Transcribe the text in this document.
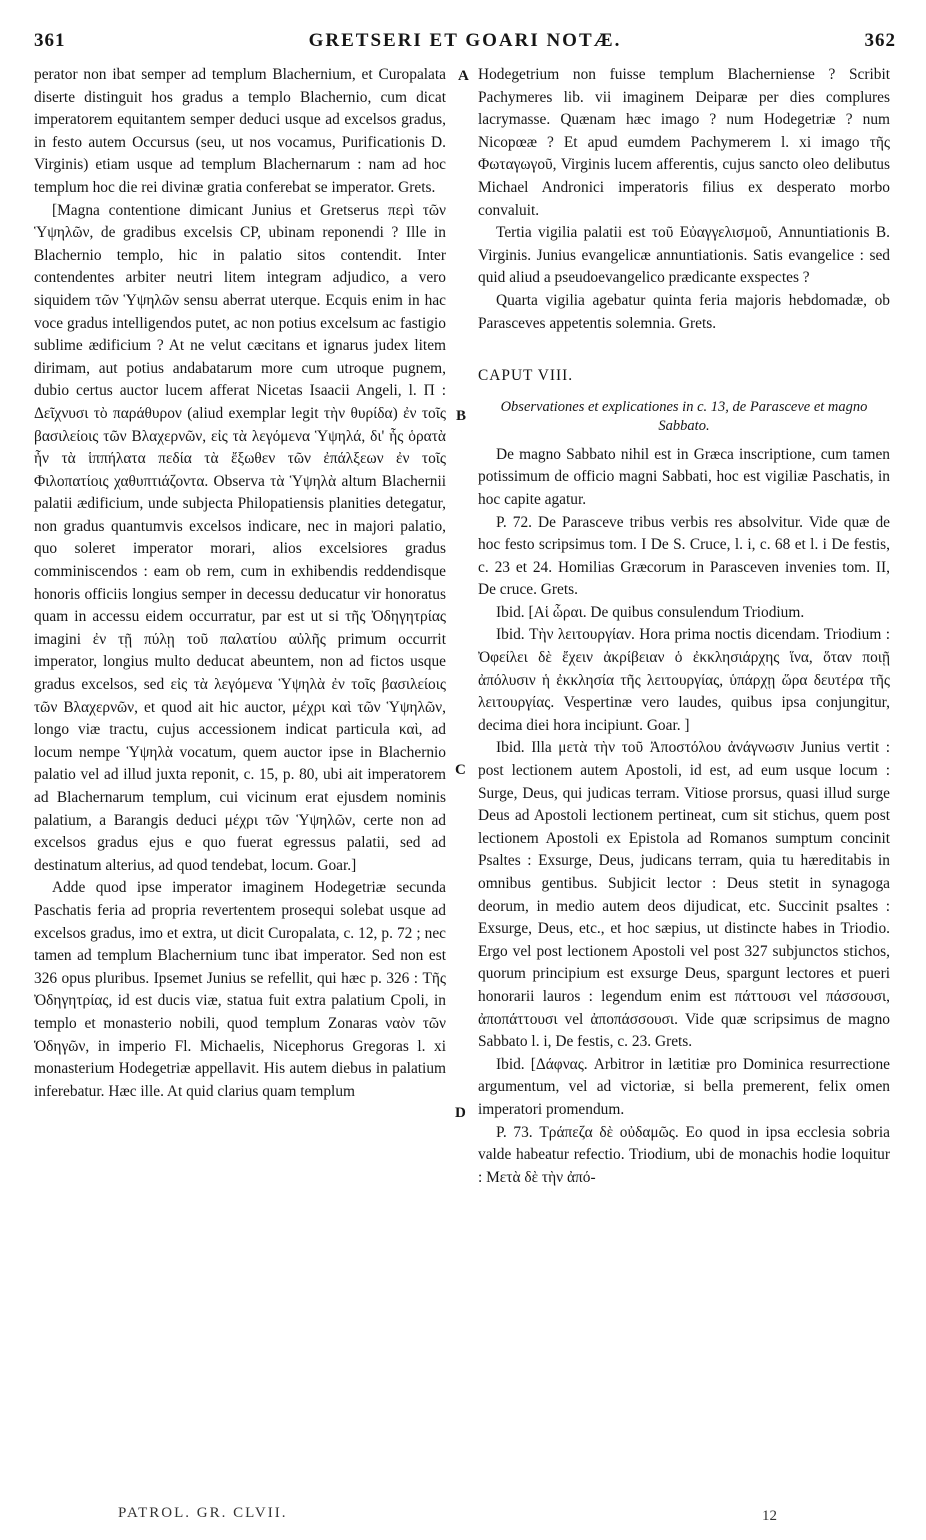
361	GRETSERI ET GOARI NOTÆ.	362

perator non ibat semper ad templum Blachernium, et Curopalata diserte distinguit hos gradus a templo Blachernio, cum dicat imperatorem equitantem semper deduci usque ad excelsos gradus, in festo autem Occursus (seu, ut nos vocamus, Purificationis D. Virginis) etiam usque ad templum Blachernarum : nam ad hoc templum hoc die rei divinæ gratia conferebat se imperator. Grets.

[Magna contentione dimicant Junius et Gretserus περὶ τῶν Ὑψηλῶν, de gradibus excelsis CP, ubinam reponendi ? Ille in Blachernio templo, hic in palatio sitos contendit. Inter contendentes arbiter neutri litem integram adjudico, a vero siquidem τῶν Ὑψηλῶν sensu aberrat uterque. Ecquis enim in hac voce gradus intelligendos putet, ac non potius excelsum ac fastigio sublime ædificium ? At ne velut cæcitans et ignarus judex litem dirimam, aut potius andabatarum more cum utroque pugnem, dubio certus auctor lucem afferat Nicetas Isaacii Angeli, l. Π : Δεῖχνυσι τὸ παράθυρον (aliud exemplar legit τὴν θυρίδα) ἐν τοῖς βασιλείοις τῶν Βλαχερνῶν, εἰς τὰ λεγόμενα Ὑψηλά, δι' ἧς ὁρατὰ ἦν τὰ ἱππήλατα πεδία τὰ ἔξωθεν τῶν ἐπάλξεων ἐν τοῖς Φιλοπατίοις χαθυπτιάζοντα. Observa τὰ Ὑψηλὰ altum Blachernii palatii ædificium, unde subjecta Philopatiensis planities detegatur, non gradus quantumvis excelsos indicare, nec in majori palatio, quo soleret imperator morari, alios excelsiores gradus comminiscendos : eam ob rem, cum in exhibendis reddendisque honoris officiis longius semper in decessu deducatur vir honoratus quam in accessu eidem occurratur, par est ut si τῆς Ὀδηγητρίας imagini ἐν τῇ πύλῃ τοῦ παλατίου αὐλῆς primum occurrit imperator, longius multo deducat abeuntem, non ad fictos usque gradus excelsos, sed εἰς τὰ λεγόμενα Ὑψηλὰ ἐν τοῖς βασιλείοις τῶν Βλαχερνῶν, et quod ait hic auctor, μέχρι καὶ τῶν Ὑψηλῶν, longo viæ tractu, cujus accessionem indicat particula καὶ, ad locum nempe Ὑψηλὰ vocatum, quem auctor ipse in Blachernio palatio vel ad illud juxta reponit, c. 15, p. 80, ubi ait imperatorem ad Blachernarum templum, cui vicinum erat ejusdem nominis palatium, a Barangis deduci μέχρι τῶν Ὑψηλῶν, certe non ad excelsos gradus ejus e quo fuerat egressus palatii, sed ad destinatum alterius, ad quod tendebat, locum. Goar.]

Adde quod ipse imperator imaginem Hodegetriæ secunda Paschatis feria ad propria revertentem prosequi solebat usque ad excelsos gradus, imo et extra, ut dicit Curopalata, c. 12, p. 72 ; nec tamen ad templum Blachernium tunc ibat imperator. Sed non est 326 opus pluribus. Ipsemet Junius se refellit, qui hæc p. 326 : Τῆς Ὀδηγητρίας, id est ducis viæ, statua fuit extra palatium Cpoli, in templo et monasterio nobili, quod templum Zonaras ναὸν τῶν Ὁδηγῶν, in imperio Fl. Michaelis, Nicephorus Gregoras l. xi monasterium Hodegetriæ appellavit. His autem diebus in palatium inferebatur. Hæc ille. At quid clarius quam templum

A
B
C
D

Hodegetrium non fuisse templum Blacherniense ? Scribit Pachymeres lib. vii imaginem Deiparæ per dies complures lacrymasse. Quænam hæc imago ? num Hodegetriæ ? num Nicopœæ ? Et apud eumdem Pachymerem l. xi imago τῆς Φωταγωγοῦ, Virginis lucem afferentis, cujus sancto oleo delibutus Michael Andronici imperatoris filius ex desperato morbo convaluit.

Tertia vigilia palatii est τοῦ Εὐαγγελισμοῦ, Annuntiationis B. Virginis. Junius evangelicæ annuntiationis. Satis evangelice : sed quid aliud a pseudoevangelico prædicante exspectes ?

Quarta vigilia agebatur quinta feria majoris hebdomadæ, ob Parasceves appetentis solemnia. Grets.

CAPUT VIII.

Observationes et explicationes in c. 13, de Parasceve et magno Sabbato.

De magno Sabbato nihil est in Græca inscriptione, cum tamen potissimum de officio magni Sabbati, hoc est vigiliæ Paschatis, in hoc capite agatur.

P. 72. De Parasceve tribus verbis res absolvitur. Vide quæ de hoc festo scripsimus tom. I De S. Cruce, l. i, c. 68 et l. i De festis, c. 23 et 24. Homilias Græcorum in Parasceven invenies tom. II, De cruce. Grets.

Ibid. [Αἱ ὧραι. De quibus consulendum Triodium.

Ibid. Τὴν λειτουργίαν. Hora prima noctis dicendam. Triodium : Ὀφείλει δὲ ἔχειν ἀκρίβειαν ὁ ἐκκλησιάρχης ἵνα, ὅταν ποιῇ ἀπόλυσιν ἡ ἐκκλησία τῆς λειτουργίας, ὑπάρχῃ ὥρα δευτέρα τῆς λειτουργίας. Vespertinæ vero laudes, quibus ipsa conjungitur, decima diei hora incipiunt. Goar. ]

Ibid. Illa μετὰ τὴν τοῦ Ἀποστόλου ἀνάγνωσιν Junius vertit : post lectionem autem Apostoli, id est, ad eum usque locum : Surge, Deus, qui judicas terram. Vitiose prorsus, quasi illud surge Deus ad Apostoli lectionem pertineat, cum sit stichus, quem post lectionem Apostoli ex Epistola ad Romanos sumptum concinit Psaltes : Exsurge, Deus, judicans terram, quia tu hæreditabis in omnibus gentibus. Subjicit lector : Deus stetit in synagoga deorum, in medio autem deos dijudicat, etc. Succinit psaltes : Exsurge, Deus, etc., et hoc sæpius, ut distincte habes in Triodio. Ergo vel post lectionem Apostoli vel post 327 subjunctos stichos, quorum principium est exsurge Deus, spargunt lectores et pueri honorarii lauros : legendum enim est πάττουσι vel πάσσουσι, ἀποπάττουσι vel ἀποπάσσουσι. Vide quæ scripsimus de magno Sabbato l. i, De festis, c. 23. Grets.

Ibid. [Δάφνας. Arbitror in lætitiæ pro Dominica resurrectione argumentum, vel ad victoriæ, si bella premerent, felix omen imperatori promendum.

P. 73. Τράπεζα δὲ οὐδαμῶς. Eo quod in ipsa ecclesia sobria valde habeatur refectio. Triodium, ubi de monachis hodie loquitur : Μετὰ δὲ τὴν ἀπό-

PATROL. GR. CLVII.	12
